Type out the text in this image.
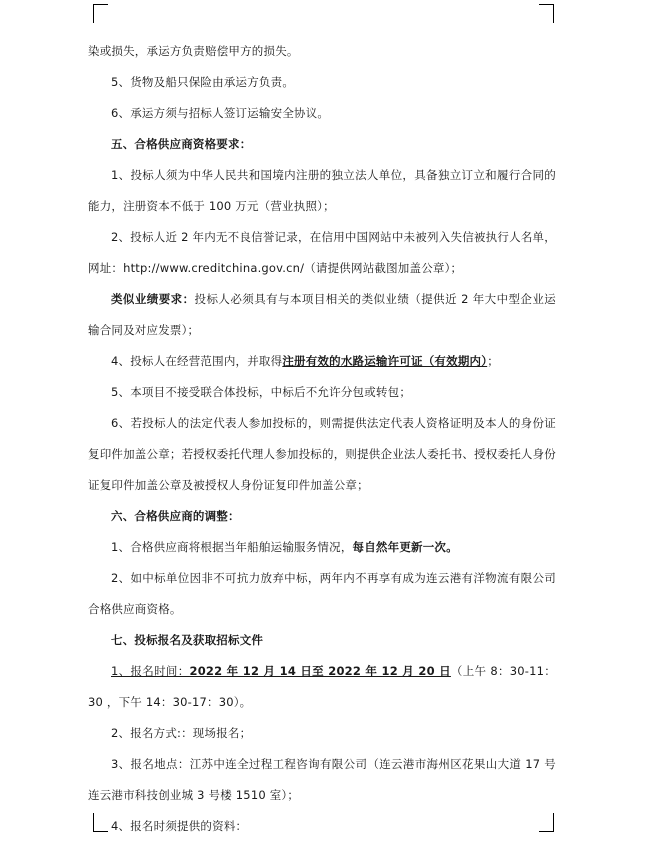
染或损失，承运方负责赔偿甲方的损失。

5、货物及船只保险由承运方负责。

6、承运方须与招标人签订运输安全协议。

五、合格供应商资格要求：

1、投标人须为中华人民共和国境内注册的独立法人单位，具备独立订立和履行合同的能力，注册资本不低于 100 万元（营业执照）；

2、投标人近 2 年内无不良信誉记录，在信用中国网站中未被列入失信被执行人名单，网址：http://www.creditchina.gov.cn/（请提供网站截图加盖公章）；

类似业绩要求：投标人必须具有与本项目相关的类似业绩（提供近 2 年大中型企业运输合同及对应发票）；

4、投标人在经营范围内，并取得注册有效的水路运输许可证（有效期内）；

5、本项目不接受联合体投标，中标后不允许分包或转包；

6、若投标人的法定代表人参加投标的，则需提供法定代表人资格证明及本人的身份证复印件加盖公章；若授权委托代理人参加投标的，则提供企业法人委托书、授权委托人身份证复印件加盖公章及被授权人身份证复印件加盖公章；

六、合格供应商的调整：

1、合格供应商将根据当年船舶运输服务情况，每自然年更新一次。

2、如中标单位因非不可抗力放弃中标，两年内不再享有成为连云港有洋物流有限公司合格供应商资格。

七、投标报名及获取招标文件

1、报名时间：2022 年 12 月 14 日至 2022 年 12 月 20 日（上午 8：30-11：30 ，下午 14：30-17：30）。

2、报名方式:：现场报名；

3、报名地点：江苏中连全过程工程咨询有限公司（连云港市海州区花果山大道 17 号连云港市科技创业城 3 号楼 1510 室）；

4、报名时须提供的资料：
